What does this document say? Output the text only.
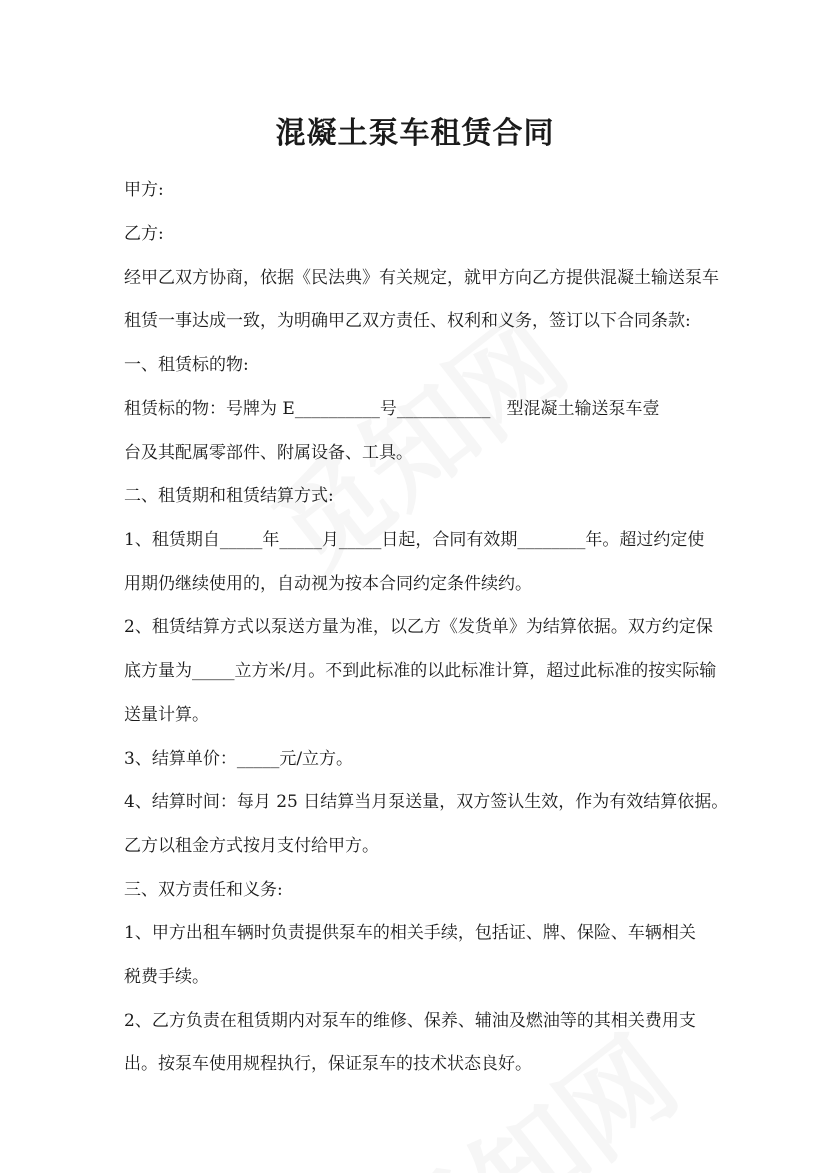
混凝土泵车租赁合同
甲方:
乙方:
经甲乙双方协商，依据《民法典》有关规定，就甲方向乙方提供混凝土输送泵车
租赁一事达成一致，为明确甲乙双方责任、权利和义务，签订以下合同条款:
一、租赁标的物:
租赁标的物：号牌为 E__________号___________   型混凝土输送泵车壹
台及其配属零部件、附属设备、工具。
二、租赁期和租赁结算方式:
1、租赁期自_____年_____月_____日起，合同有效期________年。超过约定使
用期仍继续使用的，自动视为按本合同约定条件续约。
2、租赁结算方式以泵送方量为准，以乙方《发货单》为结算依据。双方约定保
底方量为_____立方米/月。不到此标准的以此标准计算，超过此标准的按实际输
送量计算。
3、结算单价：_____元/立方。
4、结算时间：每月 25 日结算当月泵送量，双方签认生效，作为有效结算依据。
乙方以租金方式按月支付给甲方。
三、双方责任和义务:
1、甲方出租车辆时负责提供泵车的相关手续，包括证、牌、保险、车辆相关
税费手续。
2、乙方负责在租赁期内对泵车的维修、保养、辅油及燃油等的其相关费用支
出。按泵车使用规程执行，保证泵车的技术状态良好。
